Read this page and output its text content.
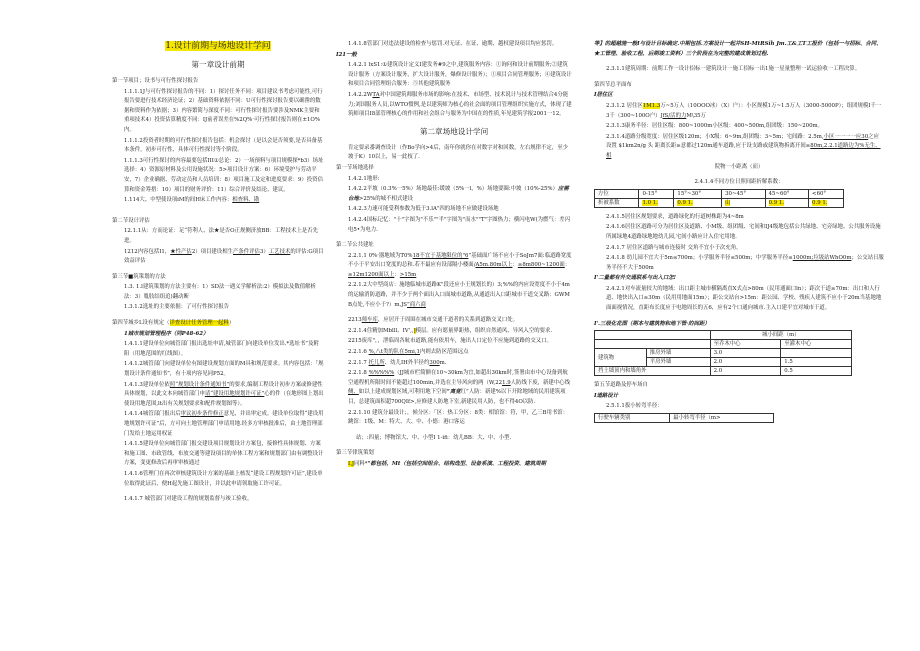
1.设计前期与场地设计学问

第一章设计前期

第一节项目；设书与可行性探讨报告

1.1.1.1J与可行性探讨报告的不同：1）探讨任务不同：项目建议书考虑可能性,可行报告要进行技术经济论证；2）基础资料依据不同：U可行性探讨报告要以确凿的数据和资料作为依据；3）内容繁简与深度不同：可行性探讨报告要涉及NMK主要和重项技术4）投资估算精度不同：IJ前者误差在%2Q%·可行性探讨报告则在±1O%内。

1.1.1.2投资者时期的可行性探讨报告包括：机会探讨（是以会是否须要,是否具备基本条件，初步可行性、具体可行性探讨等个阶段。

1.1.1.3可行性探讨的内容最要包括III①总论：2）一场预料与项目规模探*b3）场址选择：4）资源原材料及公用设施状况：5>项目设计方案：6）环境受护与劳动平安，7）企业确据、劳动定员和人员培训：8）项目施工及定和进度要求：9）投资估算和资金筹措：10）项目的财务评价：11）综合评价及结论、建议。

1.114大、中型使设项iM的间H床工作内容：相查料、勘

第二节设计评估

12.1.1从：方而论证：足“符利人、法★是否O正规侧济放BB：工程技术上是否先进。

1212内容包括I1，★性产估2）项目建设相生产条件评估3）工艺技术的评估:G项目效益评估

第三节■筑策划的方法

1.3. 1.l建筑策划的方法主要有：1）SD法一遇义学解析法:2）模拟法及数值解析法：3）胤肢结组追)翻动断

1.3.1.2选址的主要依据：了可行性探讨报告

第四节城乡L设有规定（详查设计任务管理一起料）

1城市规划管理程序（同P48-62）

1.4.1.1建设单位向城管部门报出选址申请,城管部门向建设单位发出.*选址书”及附阳（用地范围的红线图）。

1.4.1.2城管部门向建设单位有图建设规划方面的M具和规范要求。其内容包括：「规划设计条件通知书”，有十项内容见同P52。

1.4.1.3建设单位依照“规划设计条件通知书”的要求,编制工程设计初步方案或修建性具体规划，以此文本向城管部门申请“建设用地规划许可证”心的件（在地形图上划出使设用地范围,lt出有关规划要求和配件规划图等）。

1.4.1.4城管部门报出后审议初步条件修正意见，并出审定成。建设单位取得“建设用地规划许可证”后，方可向土地管理部门申请用地.经多方审核批准后，由土地管理部门发给土地运用权证

1.4.1.5建设单位向城管部门报交建设项目规划设计方案包，接修性具体规划、方案和施工图、市政管线、布放交通等建设项目的单体工程方案和规划部门由有调整设计方案，变更修改后再审审核通过

1.4.1.6管理门在再次审核建筑设计方案的基础上核发“建设工程规划许可证”,建设单位取得此证后，便H起先施工图设计，并以此申请领取施工许可证。

1.4.1.7 城管部门对建设工程的规划监督与竣工验收。

1.4.1.8管部门对违法建设的检查与惩罚.对无证、在证、逾期、越权建设项目均应惩罚。

I21一般

1.4.2.1 lxS1:①建筑设计定义I建发务#9之中,建筑服务内容：①询问和设计前期服务;②建筑设计服务（方案设计服务，扩大设计服务，爆修设计服务）；①项目合同管理服务；④建筑设计和项目合同管理组合服务：⑤其他建筑服务

1.4.2.2WTA对中国建筑师服务市场的影响:在技术、市场型、技术说计与技术管理结合4分能力;刘国服务人员,以WTO惯例,是以建筑师为核心的社会面的项目管理组织实施方式，体现了建筑师项目I8部管理核心的作用和社会组合与服务为中国在的性质,年见建筑学报2001一12。

第二章场地设计学问

肯定要录番调查设计（作Bo学向>4后，南年你就你在对数字对和回数，左右规律不定，至少坡于K）10以上，易一此枝了.

第一节场地选择

1.4.2.1地形:

1.4.2.2平坡（0.3%一5%）场地最佳:缓坡（5%一l，%）场地要圈:中坡（10%-25%）应需台地>25%的城不相式建设

1.4.2.3力速可能受利参数为低于3.lA"四的场地不应做建设场地

1.4.2.4国标记忆："十"字图为"不乐""半"字图为"而水""T"字图热力；横闪电W(为燃气：差闪电5•为电力.

第二节公共建址

2.2.1.1 0%·器地域为T0%18不宜于基地限位的"6”基础面广场不应小于SoJm7面:临道路宽度不小于平安出口宽度的总和.若不最应有设部隔小楼面/A5m.80m以上：≥8m800~1200面：≥12m1200面以上：>15m

2.2.1.2大中型商店：施地临城市道路K"段还应小王规划长的）3;%%的内应设宽度不小于4m的运输消防道路，并不少于两个面出入口面城市道路,从通道出入口距城市干道交叉路：GWMB点处,不应小于?）m.JS”商六商

2213师车库，应居开于周围在城市交通干道者的关系到道路交叉口处。

2.2.1.4住精加Mblll、IV',,]模层。应有愿量界距热，组织自然通风、导风入空的要求.

2215废库"，，泄临周各航市道路,能有依用车，施出人口定位不应施到道路的交又口。

2.2.1.6 %,八t类的队在5mi,1内则去防区范围远点

2.2.1.7 托儿所、幼儿IH外半径约300m.

2.2.1.8 %%%%%（JJ城市栏简额在10~30km为宜,如超出30km时,签署由市中心设备到航空通程机所限时间不能超过100min,并选在主导风向的两（W,221.9人防线下废，新建中心线侧、如以上建成规划区域,可利用地下空间“离竟红”人防：新建%以下开除地域的民用建筑项目，总建筑面积超700QIf>,应修建人防地下室,新建民用人防，也不得4O以防.

2.2.1.10 建筑分最设计；，候分区：「区：热工分区：8类：相馆馆：符，甲，乙三B用书馆：跳馆：1级、M：特大、大、中、小德：港口客运

站；:四量；博物馆大、中、小型I 1-ifi：幼儿BB：大、中、小型.

第三节律筑策划

I.J同料*"都包括，Mt（包括空间组合、结构选型、设备系演、工程投资、建筑周期

等】的超越施一般I与设计目标确定.中期包括.方案设计一起并SH-MtRSih Jm.工&工T工报价（包括一与招标、合同、★工管理、验收工程、后期竣工资料）三个阶段在为完整的建成策划过程.

2.3.1.1建筑周期：前期工作一设计招标一建筑设计一施工招标一出1施一星量整理一试运验收一工程决算。

第四节总平面布

I居住区

2.3.1.2 居住区1M1.3万~5万人（10OOO冰）（X）户）：小区规模1万~1.5万人（3000-5000P）；组团规模I千一3千（300~100O户）JfS/活的力M\35万

2.3.1.3康务半径：居住区级：800~1000m小区级：400~500m,组团级：150~200m。

2.3.1.4道路分级宽度：居住区级120m；小X级：6~9m,组团级：3~5m；宅间路：2.5m,小区一一一一应30之应设置 $1km2n/g 头 距离长距≥意都过120m通车道路,应于设支路或建筑物拆离开间≥80m,2.2.1道路边为%无生、相

院物一小距离（而）

2.4.1.4不同方位日照间距折解系数：

方位	0-15°	15°~30°	30~45°	45~60°	<60°
折被系数	1.0 1.	0.9 1.	山	0.9 1.	0.9 1.

2.4.1.5居住区规划要求，道路绿化的行道树株距为4~8m

2.4.1.6居住区道路可分为居住区及道路、小M级、组团级、宅间和IJ4级地包括公共绿地、宅旁绿地、公共服务设施所属绿地4道路绿地地幼儿园,宅间小路应计入住宅用地.

2.4.1.7 居住区道路与城市连接时 交角不宜小于次充角。

2.4.1.8 幼儿园不宜大于5m≤700m；小学服务半径≤500m；中学服务半径≤1000m;垃圾站WhO0m；公交站日服务半径不大于500m

I'二量都有外交通联系与出入口怎!

2.4.2.1对车流量较大的地域：出口距主城市横隔离直X式点>80m（民用通面口ln）；距次干道≥70m：出口和人行道、地快出入口≥30m（民用用地面15m）；距公交站台>15m：距公园、学校、残疾人建筑不应小于20m当基地地面面视情况，直距布长度应于电地周长的五6，应有2个口通向城市.主入口建平宜对城市干道。

I'.三级化花图（期本与建筑物和地下管·的间距）

		城小间距（m）	
		至乔木中心	至灌木中心
建筑物	推房外墙	3.0	
	平房外墙	2.0	1.5
挡土墙顶内和墙角外		2.0	0.5

第五节道路及停车场自

I道路设计

2.5.1.1拔小转弯半径：

行驶车辆类别	最小转弯半径（m>
